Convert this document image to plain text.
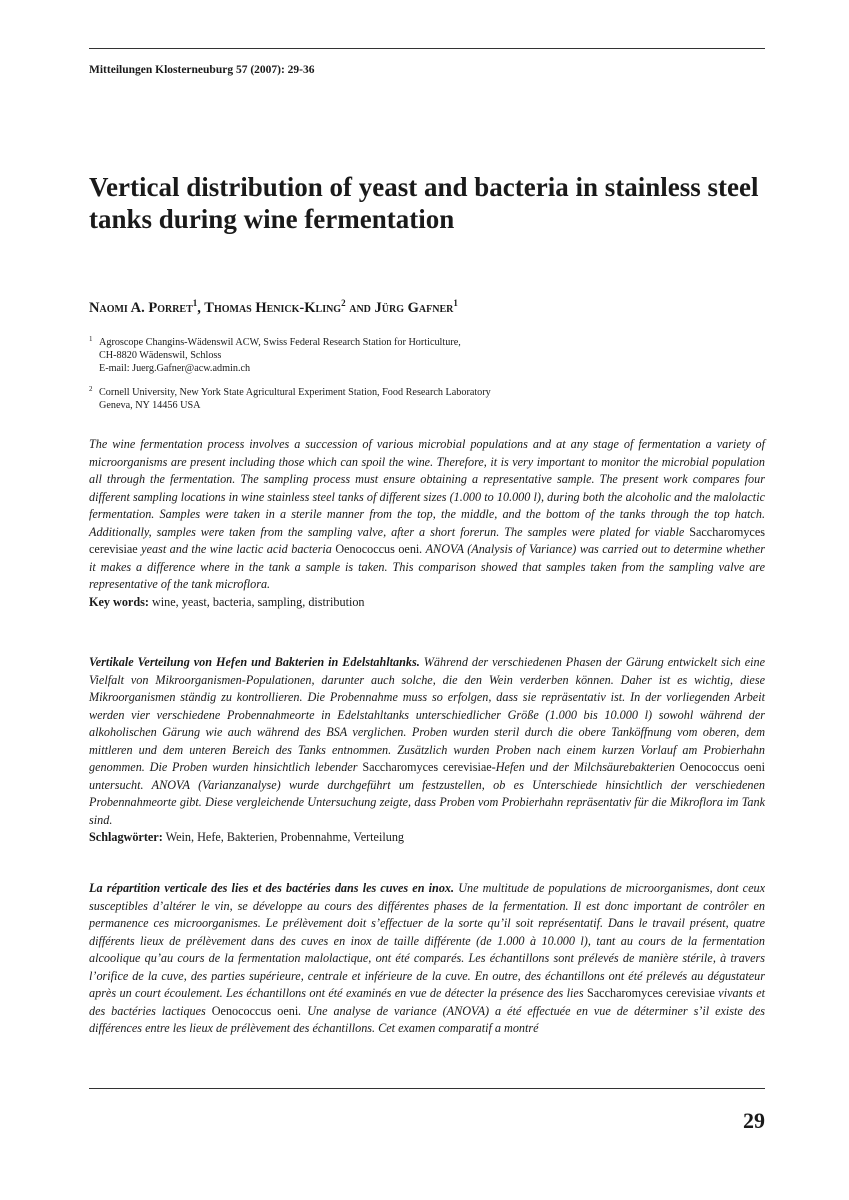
Mitteilungen Klosterneuburg 57 (2007): 29-36
Vertical distribution of yeast and bacteria in stainless steel tanks during wine fermentation
Naomi A. Porret$^1$, Thomas Henick-Kling$^2$ and Jürg Gafner$^1$
1 Agroscope Changins-Wädenswil ACW, Swiss Federal Research Station for Horticulture,
CH-8820 Wädenswil, Schloss
E-mail: Juerg.Gafner@acw.admin.ch
2 Cornell University, New York State Agricultural Experiment Station, Food Research Laboratory
Geneva, NY 14456 USA
The wine fermentation process involves a succession of various microbial populations and at any stage of fermentation a variety of microorganisms are present including those which can spoil the wine. Therefore, it is very important to monitor the microbial population all through the fermentation. The sampling process must ensure obtaining a representative sample. The present work compares four different sampling locations in wine stainless steel tanks of different sizes (1.000 to 10.000 l), during both the alcoholic and the malolactic fermentation. Samples were taken in a sterile manner from the top, the middle, and the bottom of the tanks through the top hatch. Additionally, samples were taken from the sampling valve, after a short forerun. The samples were plated for viable Saccharomyces cerevisiae yeast and the wine lactic acid bacteria Oenococcus oeni. ANOVA (Analysis of Variance) was carried out to determine whether it makes a difference where in the tank a sample is taken. This comparison showed that samples taken from the sampling valve are representative of the tank microflora.
Key words: wine, yeast, bacteria, sampling, distribution
Vertikale Verteilung von Hefen und Bakterien in Edelstahltanks. Während der verschiedenen Phasen der Gärung entwickelt sich eine Vielfalt von Mikroorganismen-Populationen, darunter auch solche, die den Wein verderben können. Daher ist es wichtig, diese Mikroorganismen ständig zu kontrollieren. Die Probennahme muss so erfolgen, dass sie repräsentativ ist. In der vorliegenden Arbeit werden vier verschiedene Probennahmeorte in Edelstahltanks unterschiedlicher Größe (1.000 bis 10.000 l) sowohl während der alkoholischen Gärung wie auch während des BSA verglichen. Proben wurden steril durch die obere Tanköffnung vom oberen, dem mittleren und dem unteren Bereich des Tanks entnommen. Zusätzlich wurden Proben nach einem kurzen Vorlauf am Probierhahn genommen. Die Proben wurden hinsichtlich lebender Saccharomyces cerevisiae-Hefen und der Milchsäurebakterien Oenococcus oeni untersucht. ANOVA (Varianzanalyse) wurde durchgeführt um festzustellen, ob es Unterschiede hinsichtlich der verschiedenen Probennahmeorte gibt. Diese vergleichende Untersuchung zeigte, dass Proben vom Probierhahn repräsentativ für die Mikroflora im Tank sind.
Schlagwörter: Wein, Hefe, Bakterien, Probennahme, Verteilung
La répartition verticale des lies et des bactéries dans les cuves en inox. Une multitude de populations de microorganismes, dont ceux susceptibles d’altérer le vin, se développe au cours des différentes phases de la fermentation. Il est donc important de contrôler en permanence ces microorganismes. Le prélèvement doit s’effectuer de la sorte qu’il soit représentatif. Dans le travail présent, quatre différents lieux de prélèvement dans des cuves en inox de taille différente (de 1.000 à 10.000 l), tant au cours de la fermentation alcoolique qu’au cours de la fermentation malolactique, ont été comparés. Les échantillons sont prélevés de manière stérile, à travers l’orifice de la cuve, des parties supérieure, centrale et inférieure de la cuve. En outre, des échantillons ont été prélevés au dégustateur après un court écoulement. Les échantillons ont été examinés en vue de détecter la présence des lies Saccharomyces cerevisiae vivants et des bactéries lactiques Oenococcus oeni. Une analyse de variance (ANOVA) a été effectuée en vue de déterminer s’il existe des différences entre les lieux de prélèvement des échantillons. Cet examen comparatif a montré
29
